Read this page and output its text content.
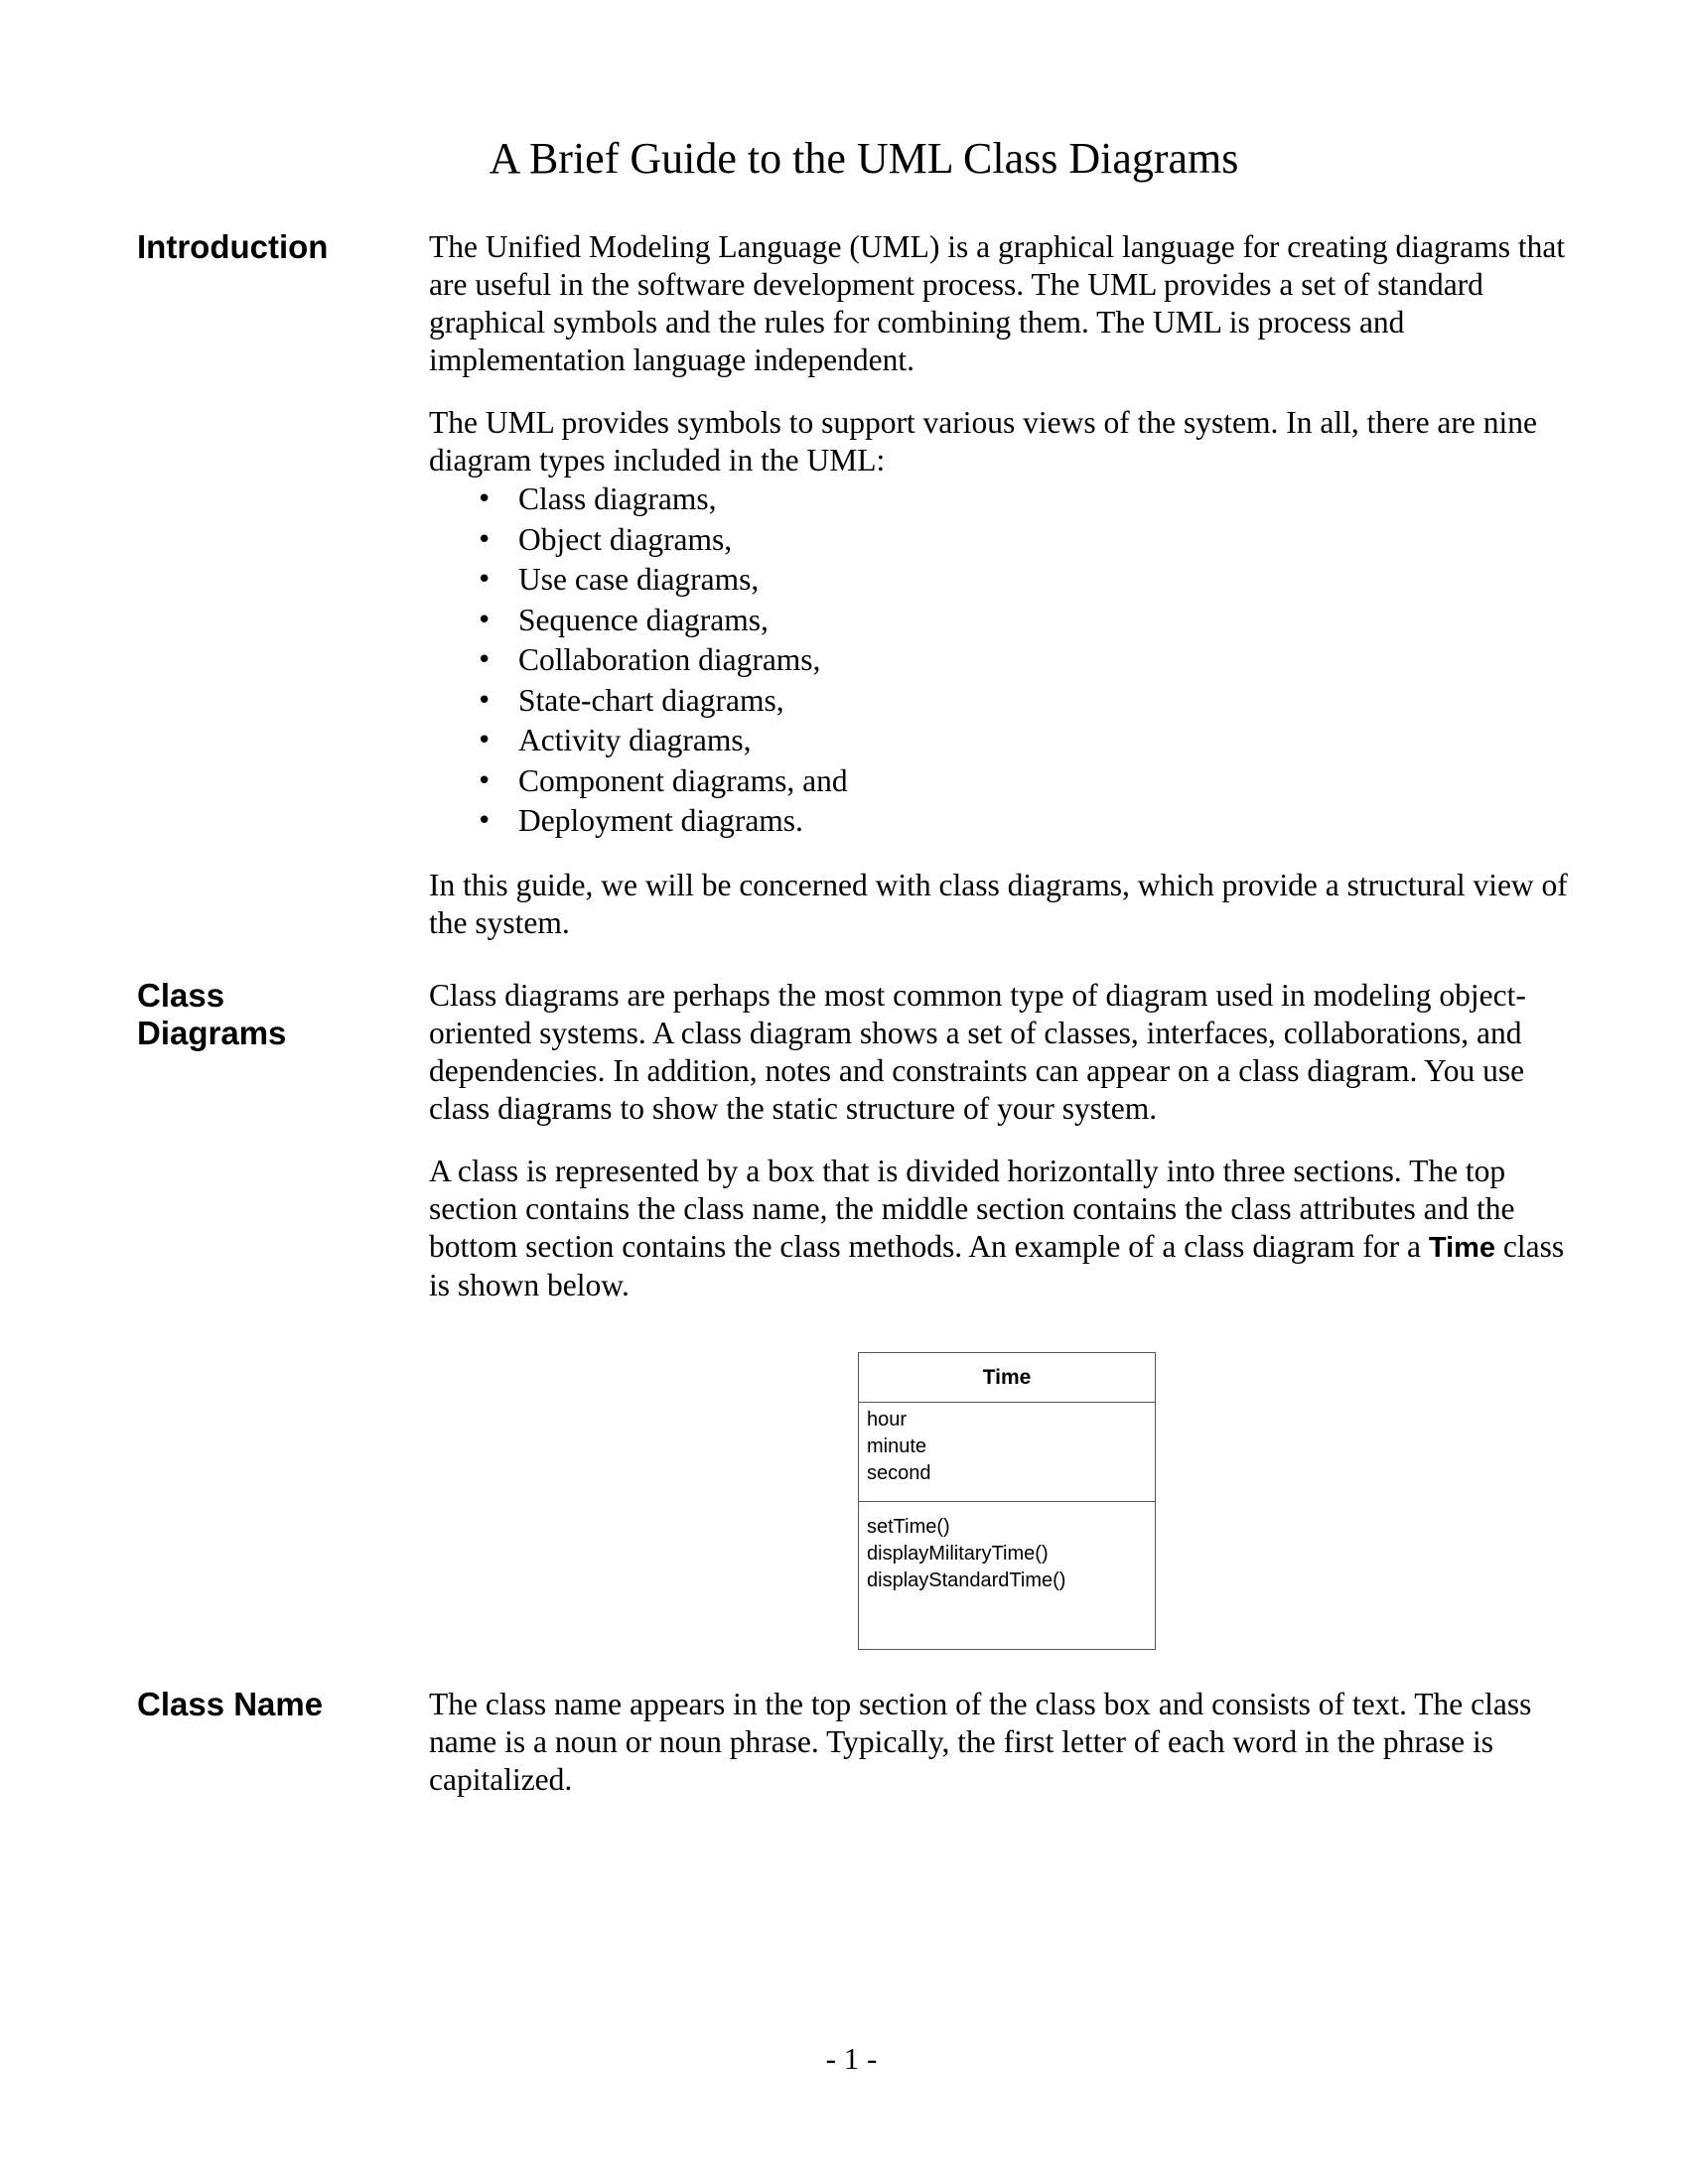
A Brief Guide to the UML Class Diagrams
Introduction	The Unified Modeling Language (UML) is a graphical language for creating diagrams that are useful in the software development process. The UML provides a set of standard graphical symbols and the rules for combining them. The UML is process and implementation language independent.

The UML provides symbols to support various views of the system. In all, there are nine diagram types included in the UML:

• Class diagrams,
• Object diagrams,
• Use case diagrams,
• Sequence diagrams,
• Collaboration diagrams,
• State-chart diagrams,
• Activity diagrams,
• Component diagrams, and
• Deployment diagrams.

In this guide, we will be concerned with class diagrams, which provide a structural view of the system.

Class
Diagrams

Class diagrams are perhaps the most common type of diagram used in modeling object-oriented systems. A class diagram shows a set of classes, interfaces, collaborations, and dependencies. In addition, notes and constraints can appear on a class diagram. You use class diagrams to show the static structure of your system.

A class is represented by a box that is divided horizontally into three sections. The top section contains the class name, the middle section contains the class attributes and the bottom section contains the class methods. An example of a class diagram for a Time class is shown below.

Time
hour
minute
second
setTime()
displayMilitaryTime()
displayStandardTime()
Class Name	The class name appears in the top section of the class box and consists of text. The class name is a noun or noun phrase. Typically, the first letter of each word in the phrase is capitalized.

- 1 -
